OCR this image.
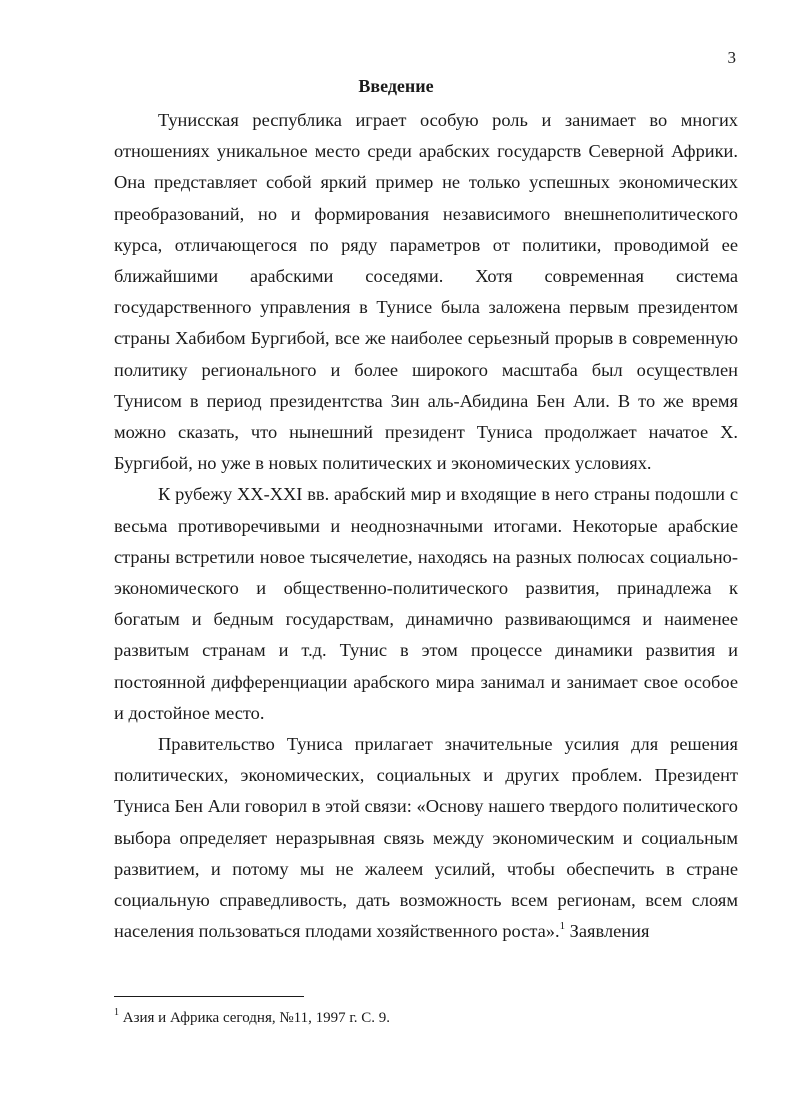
3
Введение

Тунисская республика играет особую роль и занимает во многих отношениях уникальное место среди арабских государств Северной Африки. Она представляет собой яркий пример не только успешных экономических преобразований, но и формирования независимого внешнеполитического курса, отличающегося по ряду параметров от политики, проводимой ее ближайшими арабскими соседями. Хотя современная система государственного управления в Тунисе была заложена первым президентом страны Хабибом Бургибой, все же наиболее серьезный прорыв в современную политику регионального и более широкого масштаба был осуществлен Тунисом в период президентства Зин аль-Абидина Бен Али. В то же время можно сказать, что нынешний президент Туниса продолжает начатое Х. Бургибой, но уже в новых политических и экономических условиях.

К рубежу XX-XXI вв. арабский мир и входящие в него страны подошли с весьма противоречивыми и неоднозначными итогами. Некоторые арабские страны встретили новое тысячелетие, находясь на разных полюсах социально-экономического и общественно-политического развития, принадлежа к богатым и бедным государствам, динамично развивающимся и наименее развитым странам и т.д. Тунис в этом процессе динамики развития и постоянной дифференциации арабского мира занимал и занимает свое особое и достойное место.

Правительство Туниса прилагает значительные усилия для решения политических, экономических, социальных и других проблем. Президент Туниса Бен Али говорил в этой связи: «Основу нашего твердого политического выбора определяет неразрывная связь между экономическим и социальным развитием, и потому мы не жалеем усилий, чтобы обеспечить в стране социальную справедливость, дать возможность всем регионам, всем слоям населения пользоваться плодами хозяйственного роста».$^1$ Заявления

$^1$ Азия и Африка сегодня, №11, 1997 г. С. 9.
